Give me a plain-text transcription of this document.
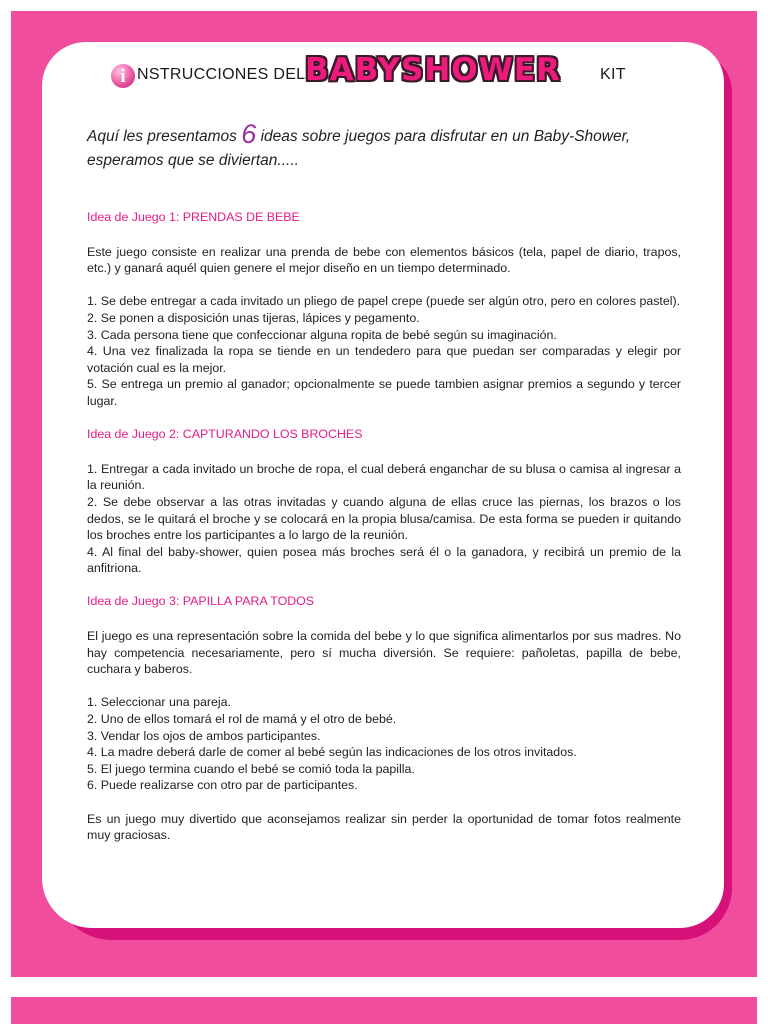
i NSTRUCCIONES DEL BABYSHOWER KIT
Aquí les presentamos 6 ideas sobre juegos para disfrutar en un Baby-Shower, esperamos que se diviertan.....
Idea de Juego 1: PRENDAS DE BEBE
Este juego consiste en realizar una prenda de bebe con elementos básicos (tela, papel de diario, trapos, etc.) y ganará aquél quien genere el mejor diseño en un tiempo determinado.
1. Se debe entregar a cada invitado un pliego de papel crepe (puede ser algún otro, pero en colores pastel).
2. Se ponen a disposición unas tijeras, lápices y pegamento.
3. Cada persona tiene que confeccionar alguna ropita de bebé según su imaginación.
4. Una vez finalizada la ropa se tiende en un tendedero para que puedan ser comparadas y elegir por votación cual es la mejor.
5. Se entrega un premio al ganador; opcionalmente se puede tambien asignar premios a segundo y tercer lugar.
Idea de Juego 2: CAPTURANDO LOS BROCHES
1. Entregar a cada invitado un broche de ropa, el cual deberá enganchar de su blusa o camisa al ingresar a la reunión.
2. Se debe observar a las otras invitadas y cuando alguna de ellas cruce las piernas, los brazos o los dedos, se le quitará el broche y se colocará en la propia blusa/camisa. De esta forma se pueden ir quitando los broches entre los participantes a lo largo de la reunión.
4. Al final del baby-shower, quien posea más broches será él o la ganadora, y recibirá un premio de la anfitriona.
Idea de Juego 3: PAPILLA PARA TODOS
El juego es una representación sobre la comida del bebe y lo que significa alimentarlos por sus madres. No hay competencia necesariamente, pero sí mucha diversión. Se requiere: pañoletas, papilla de bebe, cuchara y baberos.
1. Seleccionar una pareja.
2. Uno de ellos tomará el rol de mamá y el otro de bebé.
3. Vendar los ojos de ambos participantes.
4. La madre deberá darle de comer al bebé según las indicaciones de los otros invitados.
5. El juego termina cuando el bebé se comió toda la papilla.
6. Puede realizarse con otro par de participantes.
Es un juego muy divertido que aconsejamos realizar sin perder la oportunidad de tomar fotos realmente muy graciosas.
